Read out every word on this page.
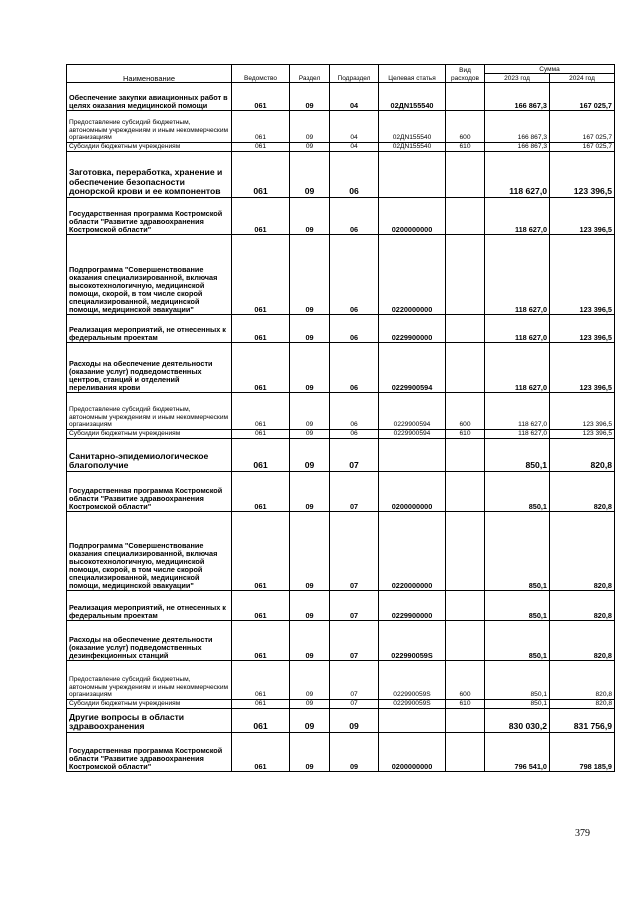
Наименование	Ведомство	Раздел	Подраздел	Целевая статья	Вид расходов	Сумма	
						2023 год	2024 год
Обеспечение закупки авиационных работ в целях оказания медицинской помощи	061	09	04	02ДN155540		166 867,3	167 025,7
Предоставление субсидий бюджетным, автономным учреждениям и иным некоммерческим организациям	061	09	04	02ДN155540	600	166 867,3	167 025,7
Субсидии бюджетным учреждениям	061	09	04	02ДN155540	610	166 867,3	167 025,7
Заготовка, переработка, хранение и обеспечение безопасности донорской крови и ее компонентов	061	09	06			118 627,0	123 396,5
Государственная программа Костромской области "Развитие здравоохранения Костромской области"	061	09	06	0200000000		118 627,0	123 396,5
Подпрограмма "Совершенствование оказания специализированной, включая высокотехнологичную, медицинской помощи, скорой, в том числе скорой специализированной, медицинской помощи, медицинской эвакуации"	061	09	06	0220000000		118 627,0	123 396,5
Реализация мероприятий, не отнесенных к федеральным проектам	061	09	06	0229900000		118 627,0	123 396,5
Расходы на обеспечение деятельности (оказание услуг) подведомственных центров, станций и отделений переливания крови	061	09	06	0229900594		118 627,0	123 396,5
Предоставление субсидий бюджетным, автономным учреждениям и иным некоммерческим организациям	061	09	06	0229900594	600	118 627,0	123 396,5
Субсидии бюджетным учреждениям	061	09	06	0229900594	610	118 627,0	123 396,5
Санитарно-эпидемиологическое благополучие	061	09	07			850,1	820,8
Государственная программа Костромской области "Развитие здравоохранения Костромской области"	061	09	07	0200000000		850,1	820,8
Подпрограмма "Совершенствование оказания специализированной, включая высокотехнологичную, медицинской помощи, скорой, в том числе скорой специализированной, медицинской помощи, медицинской эвакуации"	061	09	07	0220000000		850,1	820,8
Реализация мероприятий, не отнесенных к федеральным проектам	061	09	07	0229900000		850,1	820,8
Расходы на обеспечение деятельности (оказание услуг) подведомственных дезинфекционных станций	061	09	07	022990059S		850,1	820,8
Предоставление субсидий бюджетным, автономным учреждениям и иным некоммерческим организациям	061	09	07	022990059S	600	850,1	820,8
Субсидии бюджетным учреждениям	061	09	07	022990059S	610	850,1	820,8
Другие вопросы в области здравоохранения	061	09	09			830 030,2	831 756,9
Государственная программа Костромской области "Развитие здравоохранения Костромской области"	061	09	09	0200000000		796 541,0	798 185,9
379
